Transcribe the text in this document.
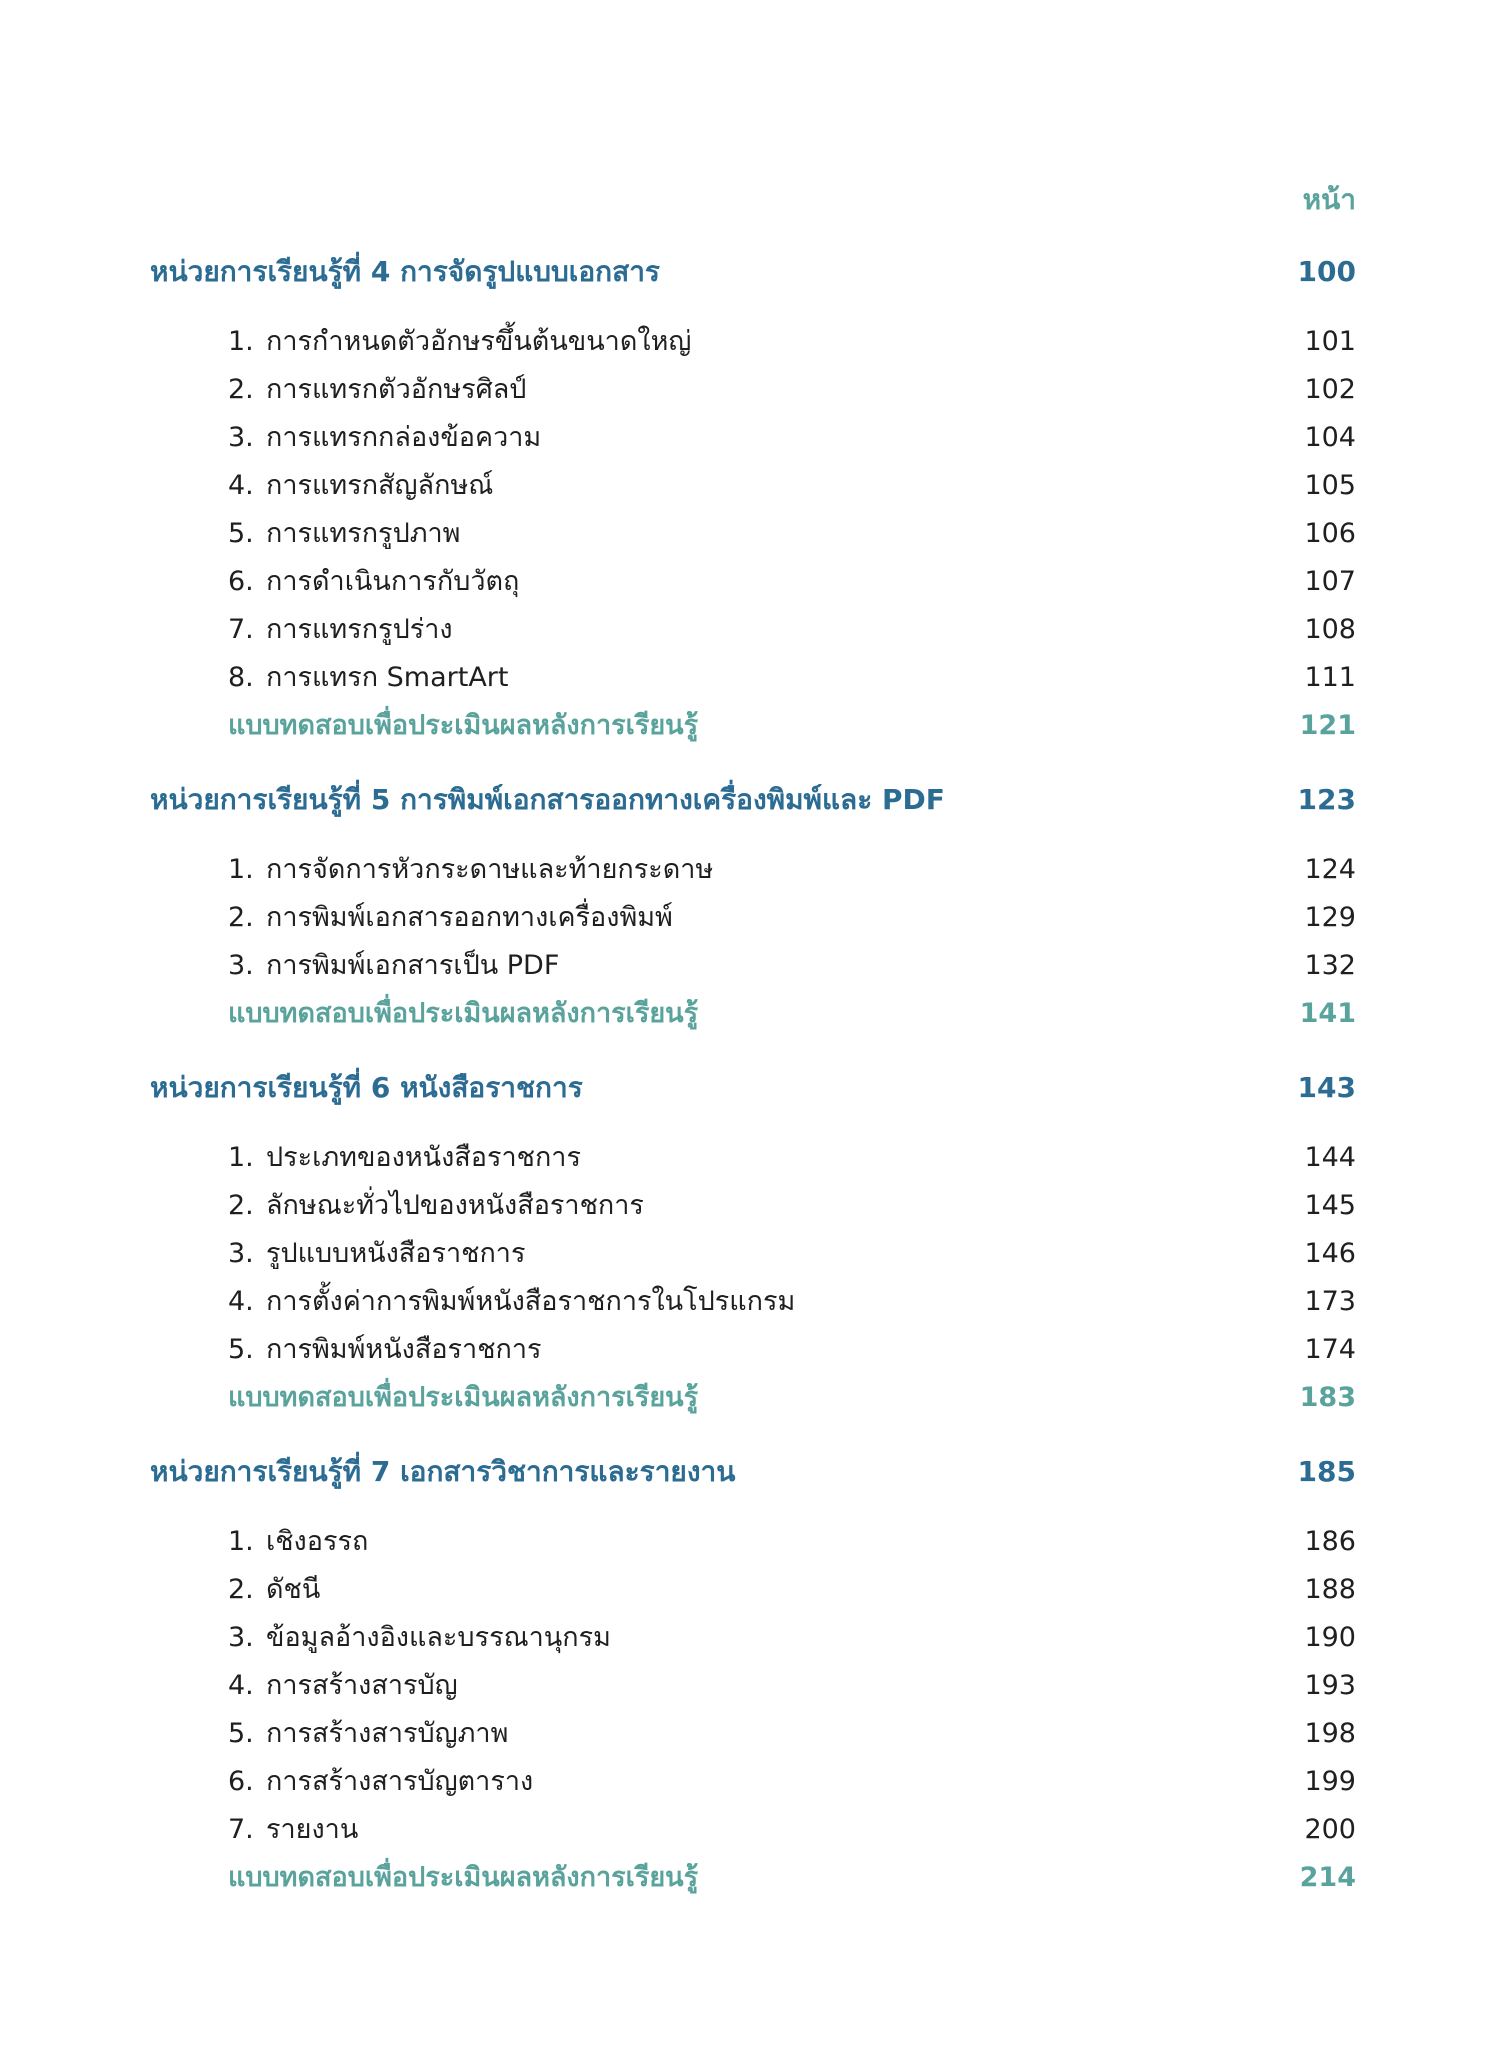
หน้า
หน่วยการเรียนรู้ที่ 4 การจัดรูปแบบเอกสาร	100
1. การกำหนดตัวอักษรขึ้นต้นขนาดใหญ่	101
2. การแทรกตัวอักษรศิลป์	102
3. การแทรกกล่องข้อความ	104
4. การแทรกสัญลักษณ์	105
5. การแทรกรูปภาพ	106
6. การดำเนินการกับวัตถุ	107
7. การแทรกรูปร่าง	108
8. การแทรก SmartArt	111
แบบทดสอบเพื่อประเมินผลหลังการเรียนรู้	121
หน่วยการเรียนรู้ที่ 5 การพิมพ์เอกสารออกทางเครื่องพิมพ์และ PDF	123
1. การจัดการหัวกระดาษและท้ายกระดาษ	124
2. การพิมพ์เอกสารออกทางเครื่องพิมพ์	129
3. การพิมพ์เอกสารเป็น PDF	132
แบบทดสอบเพื่อประเมินผลหลังการเรียนรู้	141
หน่วยการเรียนรู้ที่ 6 หนังสือราชการ	143
1. ประเภทของหนังสือราชการ	144
2. ลักษณะทั่วไปของหนังสือราชการ	145
3. รูปแบบหนังสือราชการ	146
4. การตั้งค่าการพิมพ์หนังสือราชการในโปรแกรม	173
5. การพิมพ์หนังสือราชการ	174
แบบทดสอบเพื่อประเมินผลหลังการเรียนรู้	183
หน่วยการเรียนรู้ที่ 7 เอกสารวิชาการและรายงาน	185
1. เชิงอรรถ	186
2. ดัชนี	188
3. ข้อมูลอ้างอิงและบรรณานุกรม	190
4. การสร้างสารบัญ	193
5. การสร้างสารบัญภาพ	198
6. การสร้างสารบัญตาราง	199
7. รายงาน	200
แบบทดสอบเพื่อประเมินผลหลังการเรียนรู้	214
